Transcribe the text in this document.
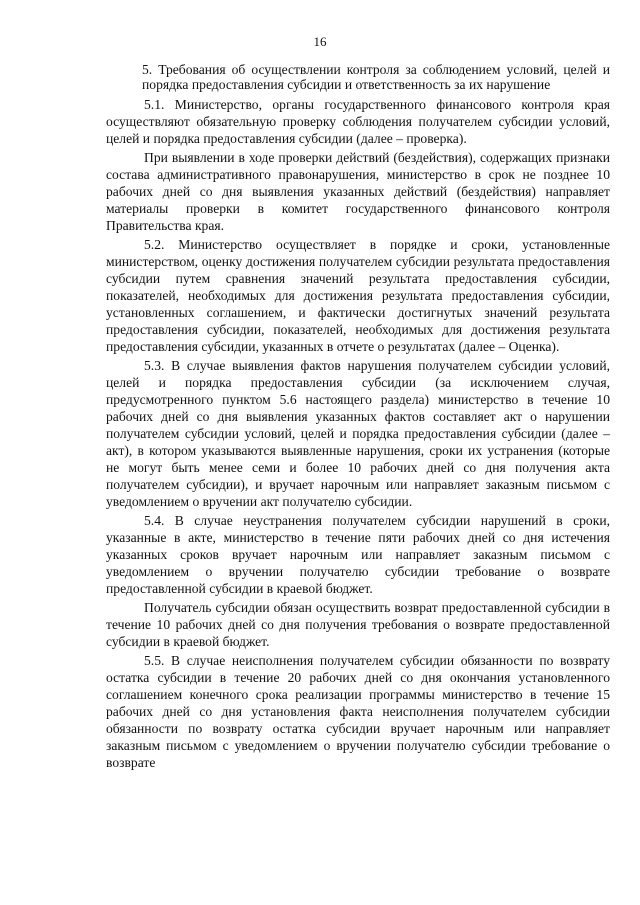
16

5. Требования об осуществлении контроля за соблюдением условий, целей и порядка предоставления субсидии и ответственность за их нарушение

5.1. Министерство, органы государственного финансового контроля края осуществляют обязательную проверку соблюдения получателем субсидии условий, целей и порядка предоставления субсидии (далее – проверка).

При выявлении в ходе проверки действий (бездействия), содержащих признаки состава административного правонарушения, министерство в срок не позднее 10 рабочих дней со дня выявления указанных действий (бездействия) направляет материалы проверки в комитет государственного финансового контроля Правительства края.

5.2. Министерство осуществляет в порядке и сроки, установленные министерством, оценку достижения получателем субсидии результата предоставления субсидии путем сравнения значений результата предоставления субсидии, показателей, необходимых для достижения результата предоставления субсидии, установленных соглашением, и фактически достигнутых значений результата предоставления субсидии, показателей, необходимых для достижения результата предоставления субсидии, указанных в отчете о результатах (далее – Оценка).

5.3. В случае выявления фактов нарушения получателем субсидии условий, целей и порядка предоставления субсидии (за исключением случая, предусмотренного пунктом 5.6 настоящего раздела) министерство в течение 10 рабочих дней со дня выявления указанных фактов составляет акт о нарушении получателем субсидии условий, целей и порядка предоставления субсидии (далее – акт), в котором указываются выявленные нарушения, сроки их устранения (которые не могут быть менее семи и более 10 рабочих дней со дня получения акта получателем субсидии), и вручает нарочным или направляет заказным письмом с уведомлением о вручении акт получателю субсидии.

5.4. В случае неустранения получателем субсидии нарушений в сроки, указанные в акте, министерство в течение пяти рабочих дней со дня истечения указанных сроков вручает нарочным или направляет заказным письмом с уведомлением о вручении получателю субсидии требование о возврате предоставленной субсидии в краевой бюджет.

Получатель субсидии обязан осуществить возврат предоставленной субсидии в течение 10 рабочих дней со дня получения требования о возврате предоставленной субсидии в краевой бюджет.

5.5. В случае неисполнения получателем субсидии обязанности по возврату остатка субсидии в течение 20 рабочих дней со дня окончания установленного соглашением конечного срока реализации программы министерство в течение 15 рабочих дней со дня установления факта неисполнения получателем субсидии обязанности по возврату остатка субсидии вручает нарочным или направляет заказным письмом с уведомлением о вручении получателю субсидии требование о возврате
